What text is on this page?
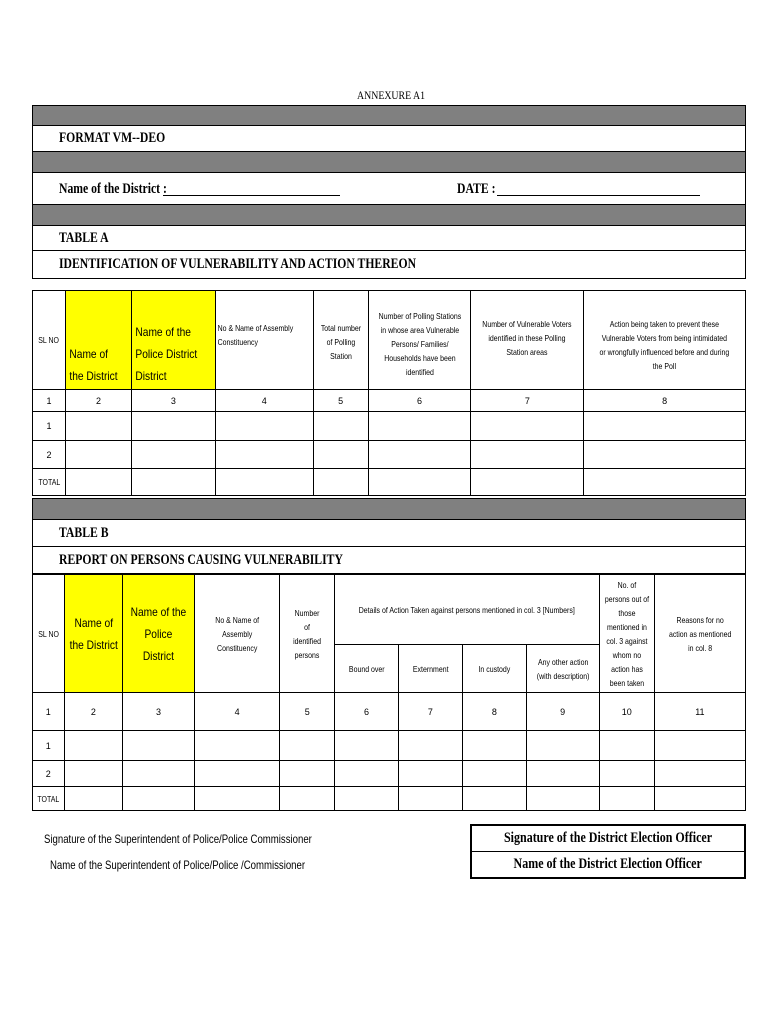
ANNEXURE A1
FORMAT VM--DEO
Name of the District :	DATE :
TABLE A
IDENTIFICATION OF VULNERABILITY AND ACTION THEREON
SL NO	Name of the District	Name of the Police DistrictDistrict	No & Name of Assembly Constituency	Total number of Polling Station	Number of Polling Stations in whose area Vulnerable Persons/ Families/ Households have been identified	Number of Vulnerable Voters identified in these Polling Station areas	Action being taken to prevent these Vulnerable Voters from being intimidated or wrongfully influenced before and during the Poll
1	2	3	4	5	6	7	8
1							
2							
TOTAL							
TABLE B
REPORT ON PERSONS CAUSING VULNERABILITY
SL NO	Name of the District	Name of the Police District	No & Name of Assembly Constituency	Number of identified persons	Details of Action Taken against persons mentioned in col. 3 [Numbers]				No. of persons out of those mentioned in col. 3 against whom no action has been taken	Reasons for no action as mentioned in col. 8
					Bound over	Externment	In custody	Any other action (with description)		
1	2	3	4	5	6	7	8	9	10	11
1										
2										
TOTAL										
Signature of the Superintendent of Police/Police Commissioner
Name of the Superintendent of Police/Police /Commissioner
Signature of the District Election Officer
Name of the District Election Officer
